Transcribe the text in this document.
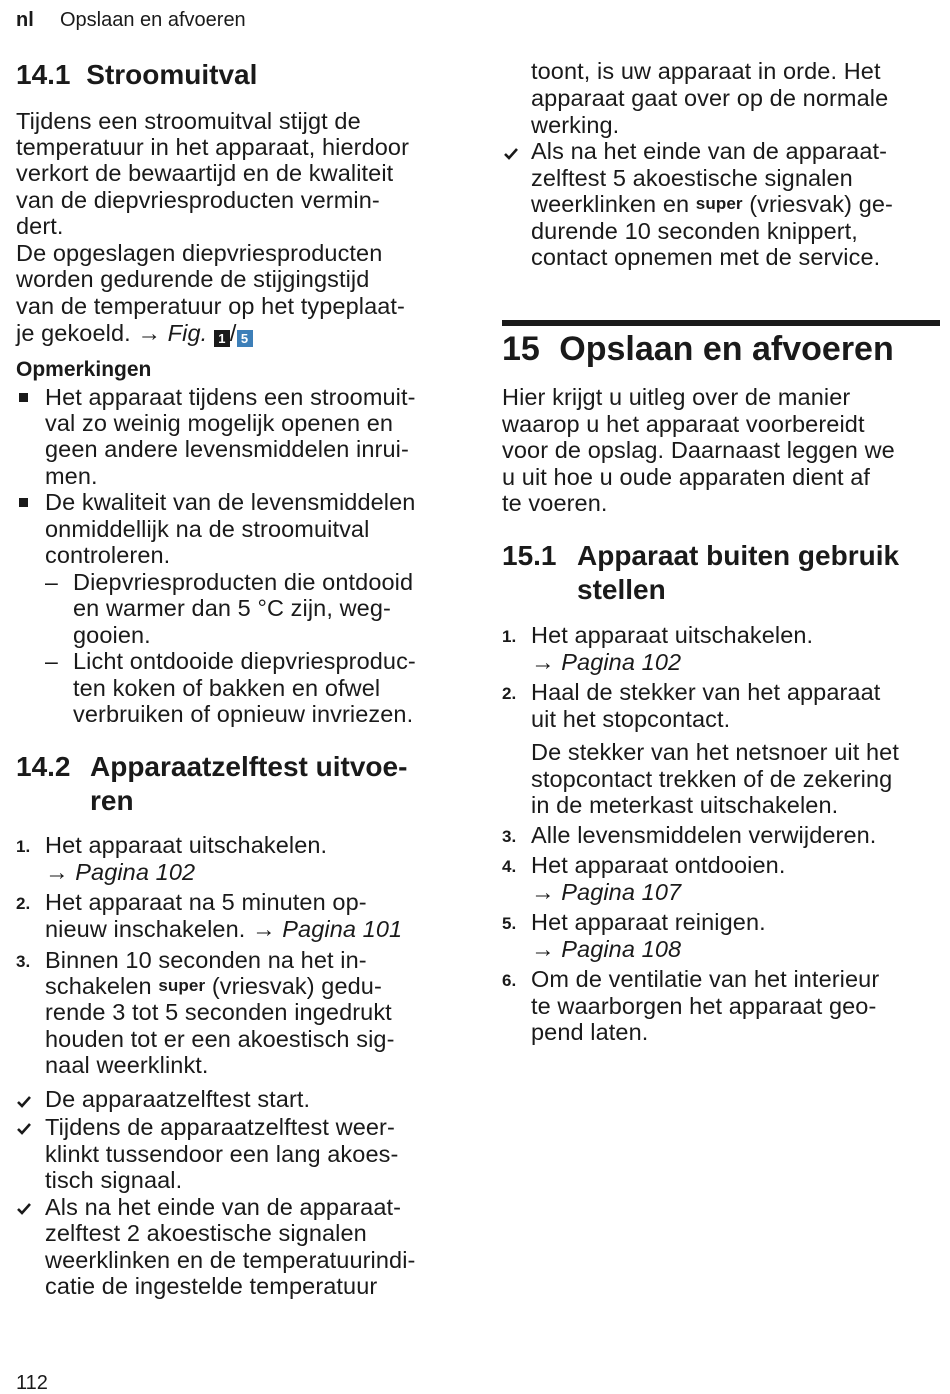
nl Opslaan en afvoeren
14.1 Stroomuitval
Tijdens een stroomuitval stijgt de
temperatuur in het apparaat, hierdoor
verkort de bewaartijd en de kwaliteit
van de diepvriesproducten vermin-
dert.
De opgeslagen diepvriesproducten
worden gedurende de stijgingstijd
van de temperatuur op het typeplaat-
je gekoeld. → Fig. 1 / 5
Opmerkingen
Het apparaat tijdens een stroomuit-
val zo weinig mogelijk openen en
geen andere levensmiddelen inrui-
men.
De kwaliteit van de levensmiddelen
onmiddellijk na de stroomuitval
controleren.
– Diepvriesproducten die ontdooid
en warmer dan 5 °C zijn, weg-
gooien.
– Licht ontdooide diepvriesproduc-
ten koken of bakken en ofwel
verbruiken of opnieuw invriezen.
14.2 Apparaatzelftest uitvoe-
ren
1. Het apparaat uitschakelen.
→ Pagina 102
2. Het apparaat na 5 minuten op-
nieuw inschakelen. → Pagina 101
3. Binnen 10 seconden na het in-
schakelen super (vriesvak) gedu-
rende 3 tot 5 seconden ingedrukt
houden tot er een akoestisch sig-
naal weerklinkt.
De apparaatzelftest start.
Tijdens de apparaatzelftest weer-
klinkt tussendoor een lang akoes-
tisch signaal.
Als na het einde van de apparaat-
zelftest 2 akoestische signalen
weerklinken en de temperatuurindi-
catie de ingestelde temperatuur
toont, is uw apparaat in orde. Het
apparaat gaat over op de normale
werking.
Als na het einde van de apparaat-
zelftest 5 akoestische signalen
weerklinken en super (vriesvak) ge-
durende 10 seconden knippert,
contact opnemen met de service.
15 Opslaan en afvoeren
Hier krijgt u uitleg over de manier
waarop u het apparaat voorbereidt
voor de opslag. Daarnaast leggen we
u uit hoe u oude apparaten dient af
te voeren.
15.1 Apparaat buiten gebruik
stellen
1. Het apparaat uitschakelen.
→ Pagina 102
2. Haal de stekker van het apparaat
uit het stopcontact.
De stekker van het netsnoer uit het
stopcontact trekken of de zekering
in de meterkast uitschakelen.
3. Alle levensmiddelen verwijderen.
4. Het apparaat ontdooien.
→ Pagina 107
5. Het apparaat reinigen.
→ Pagina 108
6. Om de ventilatie van het interieur
te waarborgen het apparaat geo-
pend laten.
112
